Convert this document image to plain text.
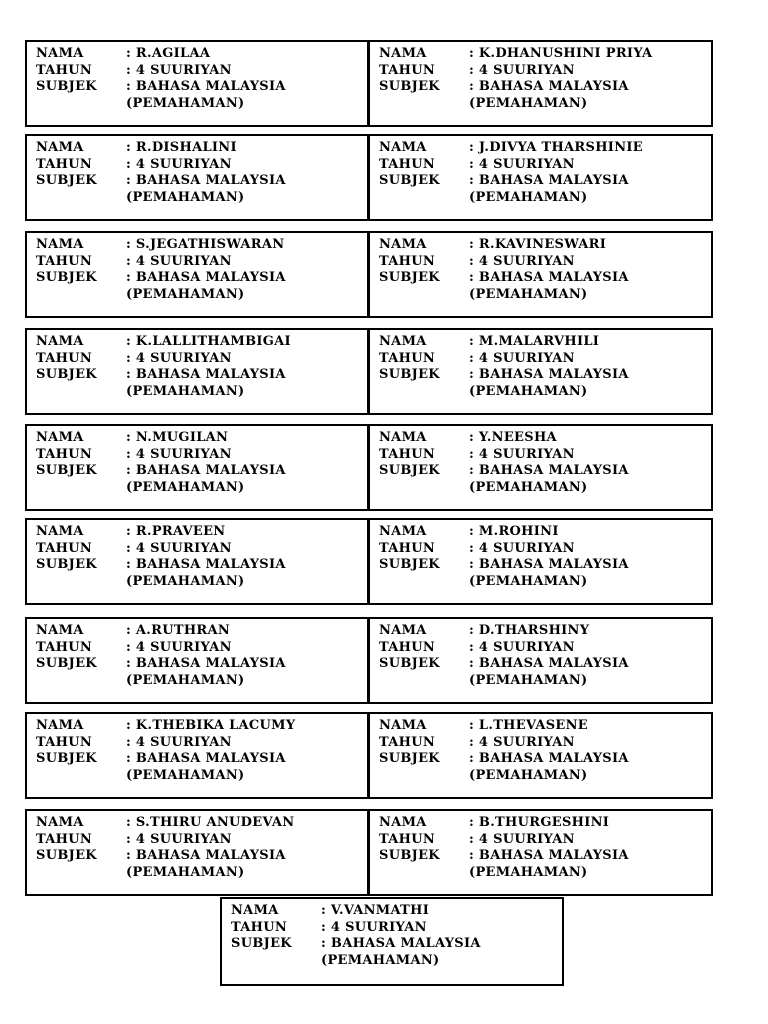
NAMA	: R.AGILAA
TAHUN	: 4 SUURIYAN
SUBJEK	: BAHASA MALAYSIA
(PEMAHAMAN)
NAMA	: K.DHANUSHINI PRIYA
TAHUN	: 4 SUURIYAN
SUBJEK	: BAHASA MALAYSIA
(PEMAHAMAN)
NAMA	: R.DISHALINI
TAHUN	: 4 SUURIYAN
SUBJEK	: BAHASA MALAYSIA
(PEMAHAMAN)
NAMA	: J.DIVYA THARSHINIE
TAHUN	: 4 SUURIYAN
SUBJEK	: BAHASA MALAYSIA
(PEMAHAMAN)
NAMA	: S.JEGATHISWARAN
TAHUN	: 4 SUURIYAN
SUBJEK	: BAHASA MALAYSIA
(PEMAHAMAN)
NAMA	: R.KAVINESWARI
TAHUN	: 4 SUURIYAN
SUBJEK	: BAHASA MALAYSIA
(PEMAHAMAN)
NAMA	: K.LALLITHAMBIGAI
TAHUN	: 4 SUURIYAN
SUBJEK	: BAHASA MALAYSIA
(PEMAHAMAN)
NAMA	: M.MALARVHILI
TAHUN	: 4 SUURIYAN
SUBJEK	: BAHASA MALAYSIA
(PEMAHAMAN)
NAMA	: N.MUGILAN
TAHUN	: 4 SUURIYAN
SUBJEK	: BAHASA MALAYSIA
(PEMAHAMAN)
NAMA	: Y.NEESHA
TAHUN	: 4 SUURIYAN
SUBJEK	: BAHASA MALAYSIA
(PEMAHAMAN)
NAMA	: R.PRAVEEN
TAHUN	: 4 SUURIYAN
SUBJEK	: BAHASA MALAYSIA
(PEMAHAMAN)
NAMA	: M.ROHINI
TAHUN	: 4 SUURIYAN
SUBJEK	: BAHASA MALAYSIA
(PEMAHAMAN)
NAMA	: A.RUTHRAN
TAHUN	: 4 SUURIYAN
SUBJEK	: BAHASA MALAYSIA
(PEMAHAMAN)
NAMA	: D.THARSHINY
TAHUN	: 4 SUURIYAN
SUBJEK	: BAHASA MALAYSIA
(PEMAHAMAN)
NAMA	: K.THEBIKA LACUMY
TAHUN	: 4 SUURIYAN
SUBJEK	: BAHASA MALAYSIA
(PEMAHAMAN)
NAMA	: L.THEVASENE
TAHUN	: 4 SUURIYAN
SUBJEK	: BAHASA MALAYSIA
(PEMAHAMAN)
NAMA	: S.THIRU ANUDEVAN
TAHUN	: 4 SUURIYAN
SUBJEK	: BAHASA MALAYSIA
(PEMAHAMAN)
NAMA	: B.THURGESHINI
TAHUN	: 4 SUURIYAN
SUBJEK	: BAHASA MALAYSIA
(PEMAHAMAN)
NAMA	: V.VANMATHI
TAHUN	: 4 SUURIYAN
SUBJEK	: BAHASA MALAYSIA
(PEMAHAMAN)
